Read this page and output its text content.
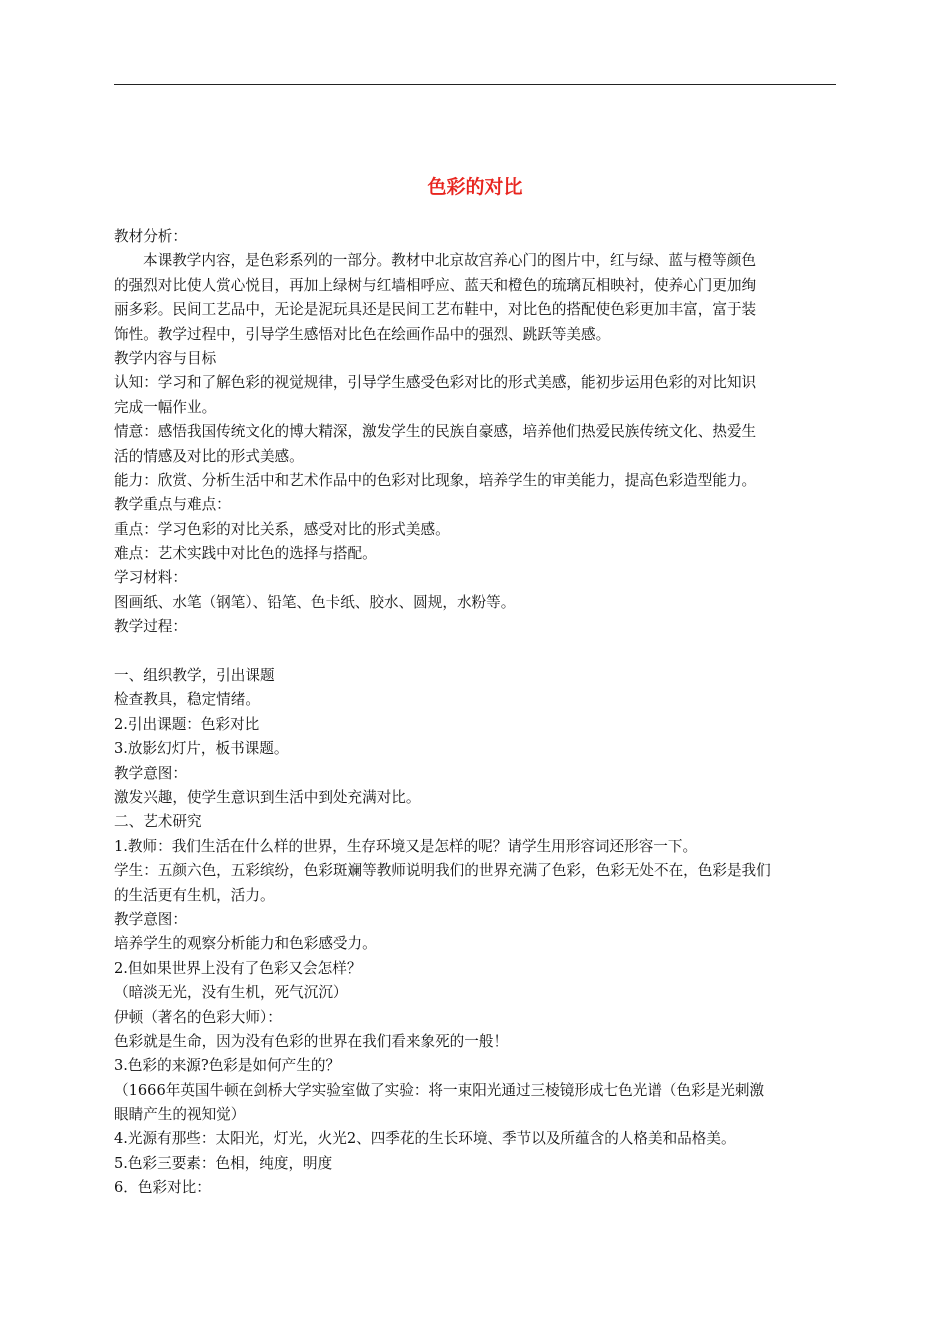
色彩的对比
教材分析：
本课教学内容，是色彩系列的一部分。教材中北京故宫养心门的图片中，红与绿、蓝与橙等颜色
的强烈对比使人赏心悦目，再加上绿树与红墙相呼应、蓝天和橙色的琉璃瓦相映衬，使养心门更加绚
丽多彩。民间工艺品中，无论是泥玩具还是民间工艺布鞋中，对比色的搭配使色彩更加丰富，富于装
饰性。教学过程中，引导学生感悟对比色在绘画作品中的强烈、跳跃等美感。
教学内容与目标
认知：学习和了解色彩的视觉规律，引导学生感受色彩对比的形式美感，能初步运用色彩的对比知识
完成一幅作业。
情意：感悟我国传统文化的博大精深，激发学生的民族自豪感，培养他们热爱民族传统文化、热爱生
活的情感及对比的形式美感。
能力：欣赏、分析生活中和艺术作品中的色彩对比现象，培养学生的审美能力，提高色彩造型能力。
教学重点与难点：
重点：学习色彩的对比关系，感受对比的形式美感。
难点：艺术实践中对比色的选择与搭配。
学习材料：
图画纸、水笔（钢笔）、铅笔、色卡纸、胶水、圆规，水粉等。
教学过程：
一、组织教学，引出课题
检查教具，稳定情绪。
2.引出课题：色彩对比
3.放影幻灯片，板书课题。
教学意图：
激发兴趣，使学生意识到生活中到处充满对比。
二、艺术研究
1.教师：我们生活在什么样的世界，生存环境又是怎样的呢？请学生用形容词还形容一下。
学生：五颜六色，五彩缤纷，色彩斑斓等教师说明我们的世界充满了色彩，色彩无处不在，色彩是我们
的生活更有生机，活力。
教学意图：
培养学生的观察分析能力和色彩感受力。
2.但如果世界上没有了色彩又会怎样？
（暗淡无光，没有生机，死气沉沉）
伊顿（著名的色彩大师）：
色彩就是生命，因为没有色彩的世界在我们看来象死的一般！
3.色彩的来源?色彩是如何产生的？
（1666年英国牛顿在剑桥大学实验室做了实验：将一束阳光通过三棱镜形成七色光谱（色彩是光刺激
眼睛产生的视知觉）
4.光源有那些：太阳光，灯光，火光2、四季花的生长环境、季节以及所蕴含的人格美和品格美。
5.色彩三要素：色相，纯度，明度
6．色彩对比：
